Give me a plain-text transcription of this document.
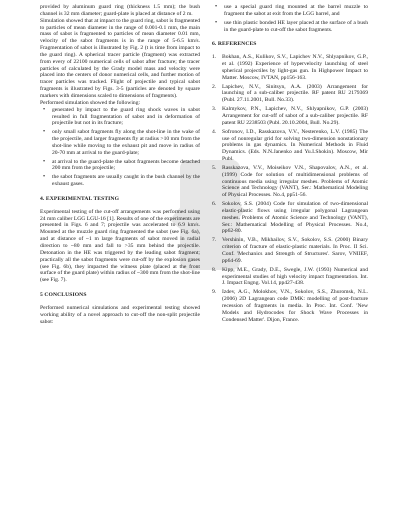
provided by aluminum guard ring (thickness 1.5 mm); the bush channel is 32 mm diameter; guard-plate is placed at distance of 2 m.

Simulation showed that at impact to the guard ring, sabot is fragmented to particles of mean diameter in the range of 0.001-0.1 mm, the main mass of sabot is fragmented to particles of mean diameter 0.01 mm, velocity of the sabot fragments is in the range of 5-6.5 km/s. Fragmentation of sabot is illustrated by Fig. 2 (t is time from impact to the guard ring). A spherical tracer particle (fragment) was extracted from every of 22100 numerical cells of sabot after fracture; the tracer particles of calculated by the Grady model mass and velocity were placed into the centers of donor numerical cells, and further motion of tracer particles was tracked. Flight of projectile and typical sabot fragments is illustrated by Figs. 3-5 (particles are denoted by square markers with dimensions scaled to dimensions of fragments).

Performed simulation showed the following:

• generated by impact to the guard ring shock waves in sabot resulted in full fragmentation of sabot and in deformation of projectile but not in its fracture;
• only small sabot fragments fly along the shot-line in the wake of the projectile, and larger fragments fly at radius >10 mm from the shot-line while moving to the exhaust pit and move in radius of 20-70 mm at arrival to the guard-plate;
• at arrival to the guard-plate the sabot fragments become detached 200 mm from the projectile;
• the sabot fragments are usually caught in the bush channel by the exhaust gases.

4. EXPERIMENTAL TESTING

Experimental testing of the cut-off arrangements was performed using 24 mm caliber LGG LGU-16 [1]. Results of one of the experiments are presented in Figs. 6 and 7; projectile was accelerated to 6.9 km/s. Mounted at the muzzle guard ring fragmented the sabot (see Fig. 6a), and at distance of ~1 m large fragments of sabot moved in radial direction to ~80 mm and fall to >35 mm behind the projectile. Detonation in the HE was triggered by the leading sabot fragment; practically all the sabot fragments were cut-off by the explosion gases (see Fig. 6b), they impacted the witness plate (placed at the front surface of the guard plate) within radius of ~300 mm from the shot-line (see Fig. 7).

5 CONCLUSIONS

Performed numerical simulations and experimental testing showed working ability of a novel approach to cut-off the non-split projectile sabot:

• use a special guard ring mounted at the barrel muzzle to fragment the sabot at exit from the LGG barrel, and
• use thin plastic bonded HE layer placed at the surface of a bush in the guard-plate to cut-off the sabot fragments.

6. REFERENCES

1. Bokhan, A.S., Kulikov, S.V., Lapichev N.V., Shlyapnikov, G.P., et al. (1992) Experience of hypervelocity launching of steel spherical projectiles by light-gas gun. In Highpower Impact to Matter. Moscow, IVTAN, pp156-163.
2. Lapichev, N.V., Sinitsyn, A.A. (2003) Arrangement for launching of a sub-caliber projectile. RF patent RU 2179369 (Publ. 27.11.2001, Bull. No.33).
3. Kalmykov, P.N., Lapichev, N.V., Shlyapnikov, G.P. (2003) Arrangement for cut-off of sabot of a sub-caliber projectile. RF patent RU 2238503 (Publ. 20.10.2004, Bull. No.29).
4. Sofronov, I.D., Rasskazova, V.V., Nesterenko, L.V. (1985) The use of nonregular grid for solving two-dimension nonstationary problems in gas dynamics. In Numerical Methods in Fluid Dynamics. (Eds. N.N.Janenko and Yu.I.Shokin). Moscow, Mir Publ.
5. Rasskazova, V.V., Moiseikov V.N., Shapovalov, A.N., et al. (1999) Code for solution of multidimensional problems of continuous media using irregular meshes. Problems of Atomic Science and Technology (VANT), Ser.: Mathematical Modeling of Physical Processes. No.4, pp51-56.
6. Sokolov, S.S. (2004) Code for simulation of two-dimensional elastic-plastic flows using irregular polygonal Lagrangean meshes. Problems of Atomic Science and Technology (VANT), Ser.: Mathematical Modelling of Physical Processes. No.4, pp62-80.
7. Vershinin, V.B., Mikhailov, S.V., Sokolov, S.S. (2000) Binary criterion of fracture of elastic-plastic materials. In Proc. II Sci. Conf. 'Mechanics and Strength of Structures'. Sarov, VNIIEF, pp64-69.
8. Kipp, M.E., Grady, D.E., Swegle, J.W. (1993) Numerical and experimental studies of high velocity impact fragmentation. Int. J. Impact Engng. Vol.14, pp427-438.
9. Izdev, A.G., Molokhov, V.N., Sokolov, S.S., Zhuromsk, N.L. (2006) 2D Lagrangean code DMK: modelling of post-fracture recession of fragments in media. In Proc. Int. Conf. 'New Models and Hydrocodes for Shock Wave Processes in Condensed Matter'. Dijon, France.
